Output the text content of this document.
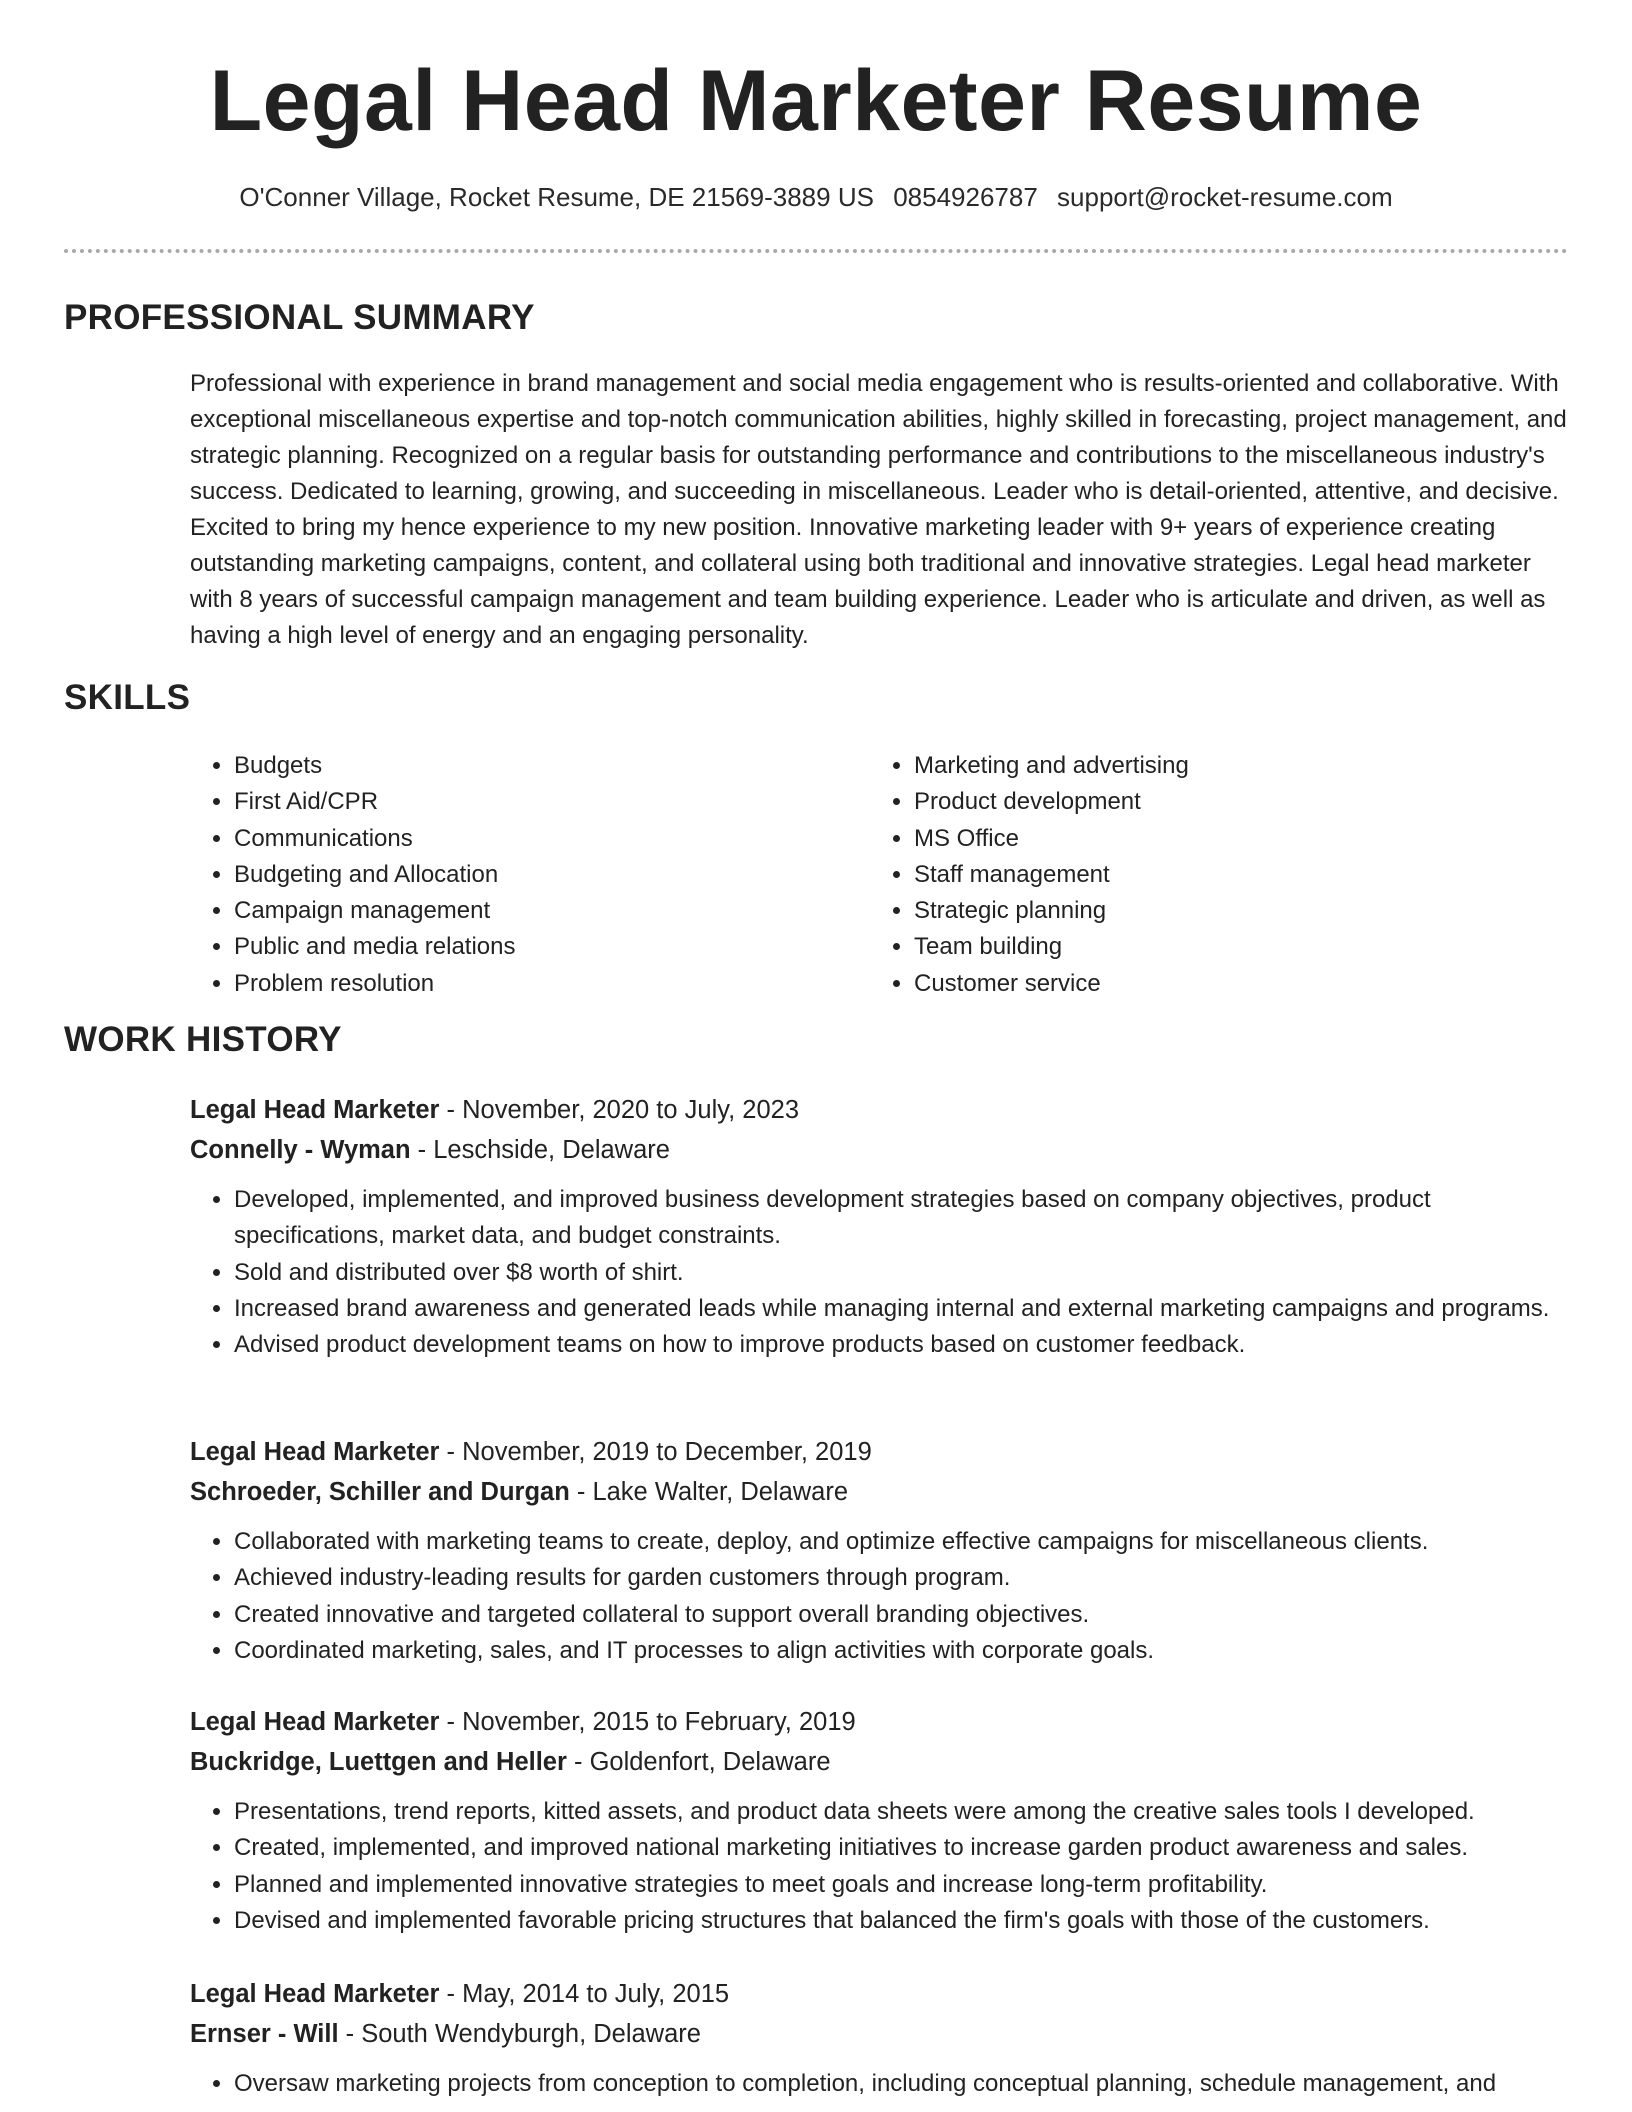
Legal Head Marketer Resume
O'Conner Village, Rocket Resume, DE 21569-3889 US 0854926787 support@rocket-resume.com
PROFESSIONAL SUMMARY

Professional with experience in brand management and social media engagement who is results-oriented and collaborative. With exceptional miscellaneous expertise and top-notch communication abilities, highly skilled in forecasting, project management, and strategic planning. Recognized on a regular basis for outstanding performance and contributions to the miscellaneous industry's success. Dedicated to learning, growing, and succeeding in miscellaneous. Leader who is detail-oriented, attentive, and decisive. Excited to bring my hence experience to my new position. Innovative marketing leader with 9+ years of experience creating outstanding marketing campaigns, content, and collateral using both traditional and innovative strategies. Legal head marketer with 8 years of successful campaign management and team building experience. Leader who is articulate and driven, as well as having a high level of energy and an engaging personality.

SKILLS
• Budgets
• First Aid/CPR
• Communications
• Budgeting and Allocation
• Campaign management
• Public and media relations
• Problem resolution
• Marketing and advertising
• Product development
• MS Office
• Staff management
• Strategic planning
• Team building
• Customer service
WORK HISTORY
Legal Head Marketer - November, 2020 to July, 2023
Connelly - Wyman - Leschside, Delaware
• Developed, implemented, and improved business development strategies based on company objectives, product specifications, market data, and budget constraints.
• Sold and distributed over $8 worth of shirt.
• Increased brand awareness and generated leads while managing internal and external marketing campaigns and programs.
• Advised product development teams on how to improve products based on customer feedback.
Legal Head Marketer - November, 2019 to December, 2019
Schroeder, Schiller and Durgan - Lake Walter, Delaware
• Collaborated with marketing teams to create, deploy, and optimize effective campaigns for miscellaneous clients.
• Achieved industry-leading results for garden customers through program.
• Created innovative and targeted collateral to support overall branding objectives.
• Coordinated marketing, sales, and IT processes to align activities with corporate goals.
Legal Head Marketer - November, 2015 to February, 2019
Buckridge, Luettgen and Heller - Goldenfort, Delaware
• Presentations, trend reports, kitted assets, and product data sheets were among the creative sales tools I developed.
• Created, implemented, and improved national marketing initiatives to increase garden product awareness and sales.
• Planned and implemented innovative strategies to meet goals and increase long-term profitability.
• Devised and implemented favorable pricing structures that balanced the firm's goals with those of the customers.
Legal Head Marketer - May, 2014 to July, 2015
Ernser - Will - South Wendyburgh, Delaware
• Oversaw marketing projects from conception to completion, including conceptual planning, schedule management, and
